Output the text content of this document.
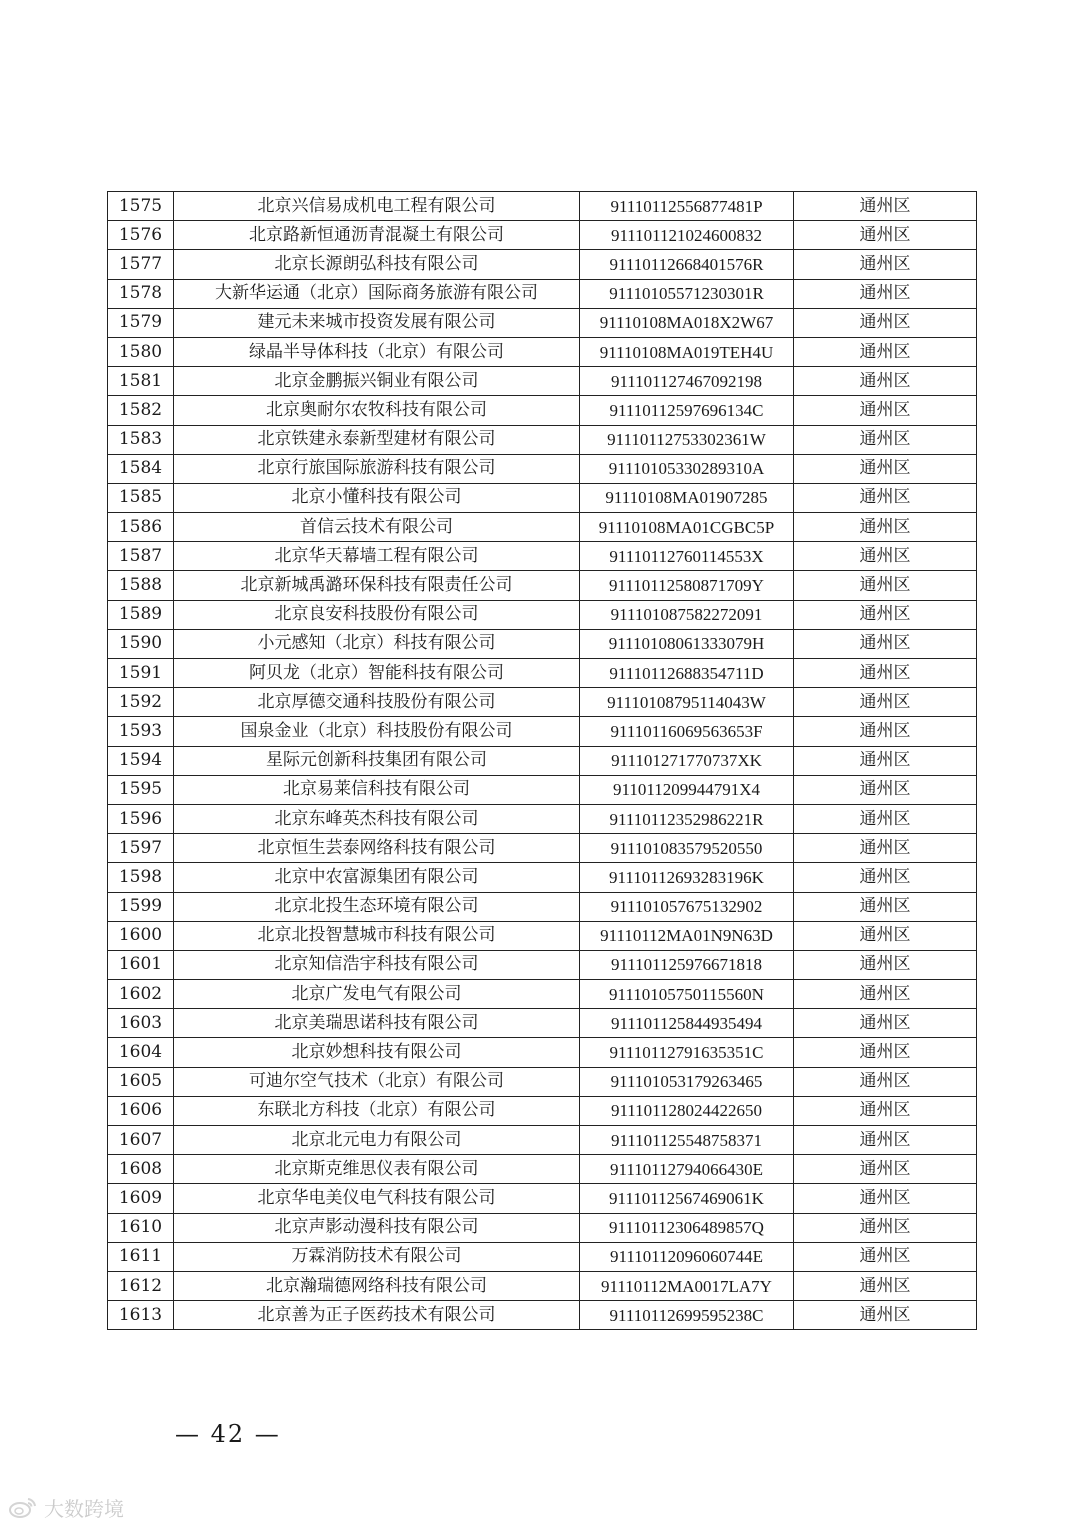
1575	北京兴信易成机电工程有限公司	91110112556877481P	通州区
1576	北京路新恒通沥青混凝土有限公司	911101121024600832	通州区
1577	北京长源朗弘科技有限公司	91110112668401576R	通州区
1578	大新华运通（北京）国际商务旅游有限公司	91110105571230301R	通州区
1579	建元未来城市投资发展有限公司	91110108MA018X2W67	通州区
1580	绿晶半导体科技（北京）有限公司	91110108MA019TEH4U	通州区
1581	北京金鹏振兴铜业有限公司	911101127467092198	通州区
1582	北京奥耐尔农牧科技有限公司	91110112597696134C	通州区
1583	北京铁建永泰新型建材有限公司	91110112753302361W	通州区
1584	北京行旅国际旅游科技有限公司	91110105330289310A	通州区
1585	北京小懂科技有限公司	91110108MA01907285	通州区
1586	首信云技术有限公司	91110108MA01CGBC5P	通州区
1587	北京华天幕墙工程有限公司	91110112760114553X	通州区
1588	北京新城禹潞环保科技有限责任公司	91110112580871709Y	通州区
1589	北京良安科技股份有限公司	911101087582272091	通州区
1590	小元感知（北京）科技有限公司	91110108061333079H	通州区
1591	阿贝龙（北京）智能科技有限公司	91110112688354711D	通州区
1592	北京厚德交通科技股份有限公司	91110108795114043W	通州区
1593	国泉金业（北京）科技股份有限公司	91110116069563653F	通州区
1594	星际元创新科技集团有限公司	911101271770737XK	通州区
1595	北京易莱信科技有限公司	911011209944791X4	通州区
1596	北京东峰英杰科技有限公司	91110112352986221R	通州区
1597	北京恒生芸泰网络科技有限公司	911101083579520550	通州区
1598	北京中农富源集团有限公司	91110112693283196K	通州区
1599	北京北投生态环境有限公司	911101057675132902	通州区
1600	北京北投智慧城市科技有限公司	91110112MA01N9N63D	通州区
1601	北京知信浩宇科技有限公司	911101125976671818	通州区
1602	北京广发电气有限公司	91110105750115560N	通州区
1603	北京美瑞思诺科技有限公司	911101125844935494	通州区
1604	北京妙想科技有限公司	91110112791635351C	通州区
1605	可迪尔空气技术（北京）有限公司	911101053179263465	通州区
1606	东联北方科技（北京）有限公司	911101128024422650	通州区
1607	北京北元电力有限公司	911101125548758371	通州区
1608	北京斯克维思仪表有限公司	91110112794066430E	通州区
1609	北京华电美仪电气科技有限公司	91110112567469061K	通州区
1610	北京声影动漫科技有限公司	91110112306489857Q	通州区
1611	万霖消防技术有限公司	91110112096060744E	通州区
1612	北京瀚瑞德网络科技有限公司	91110112MA0017LA7Y	通州区
1613	北京善为正子医药技术有限公司	91110112699595238C	通州区
— 42 —
大数跨境
